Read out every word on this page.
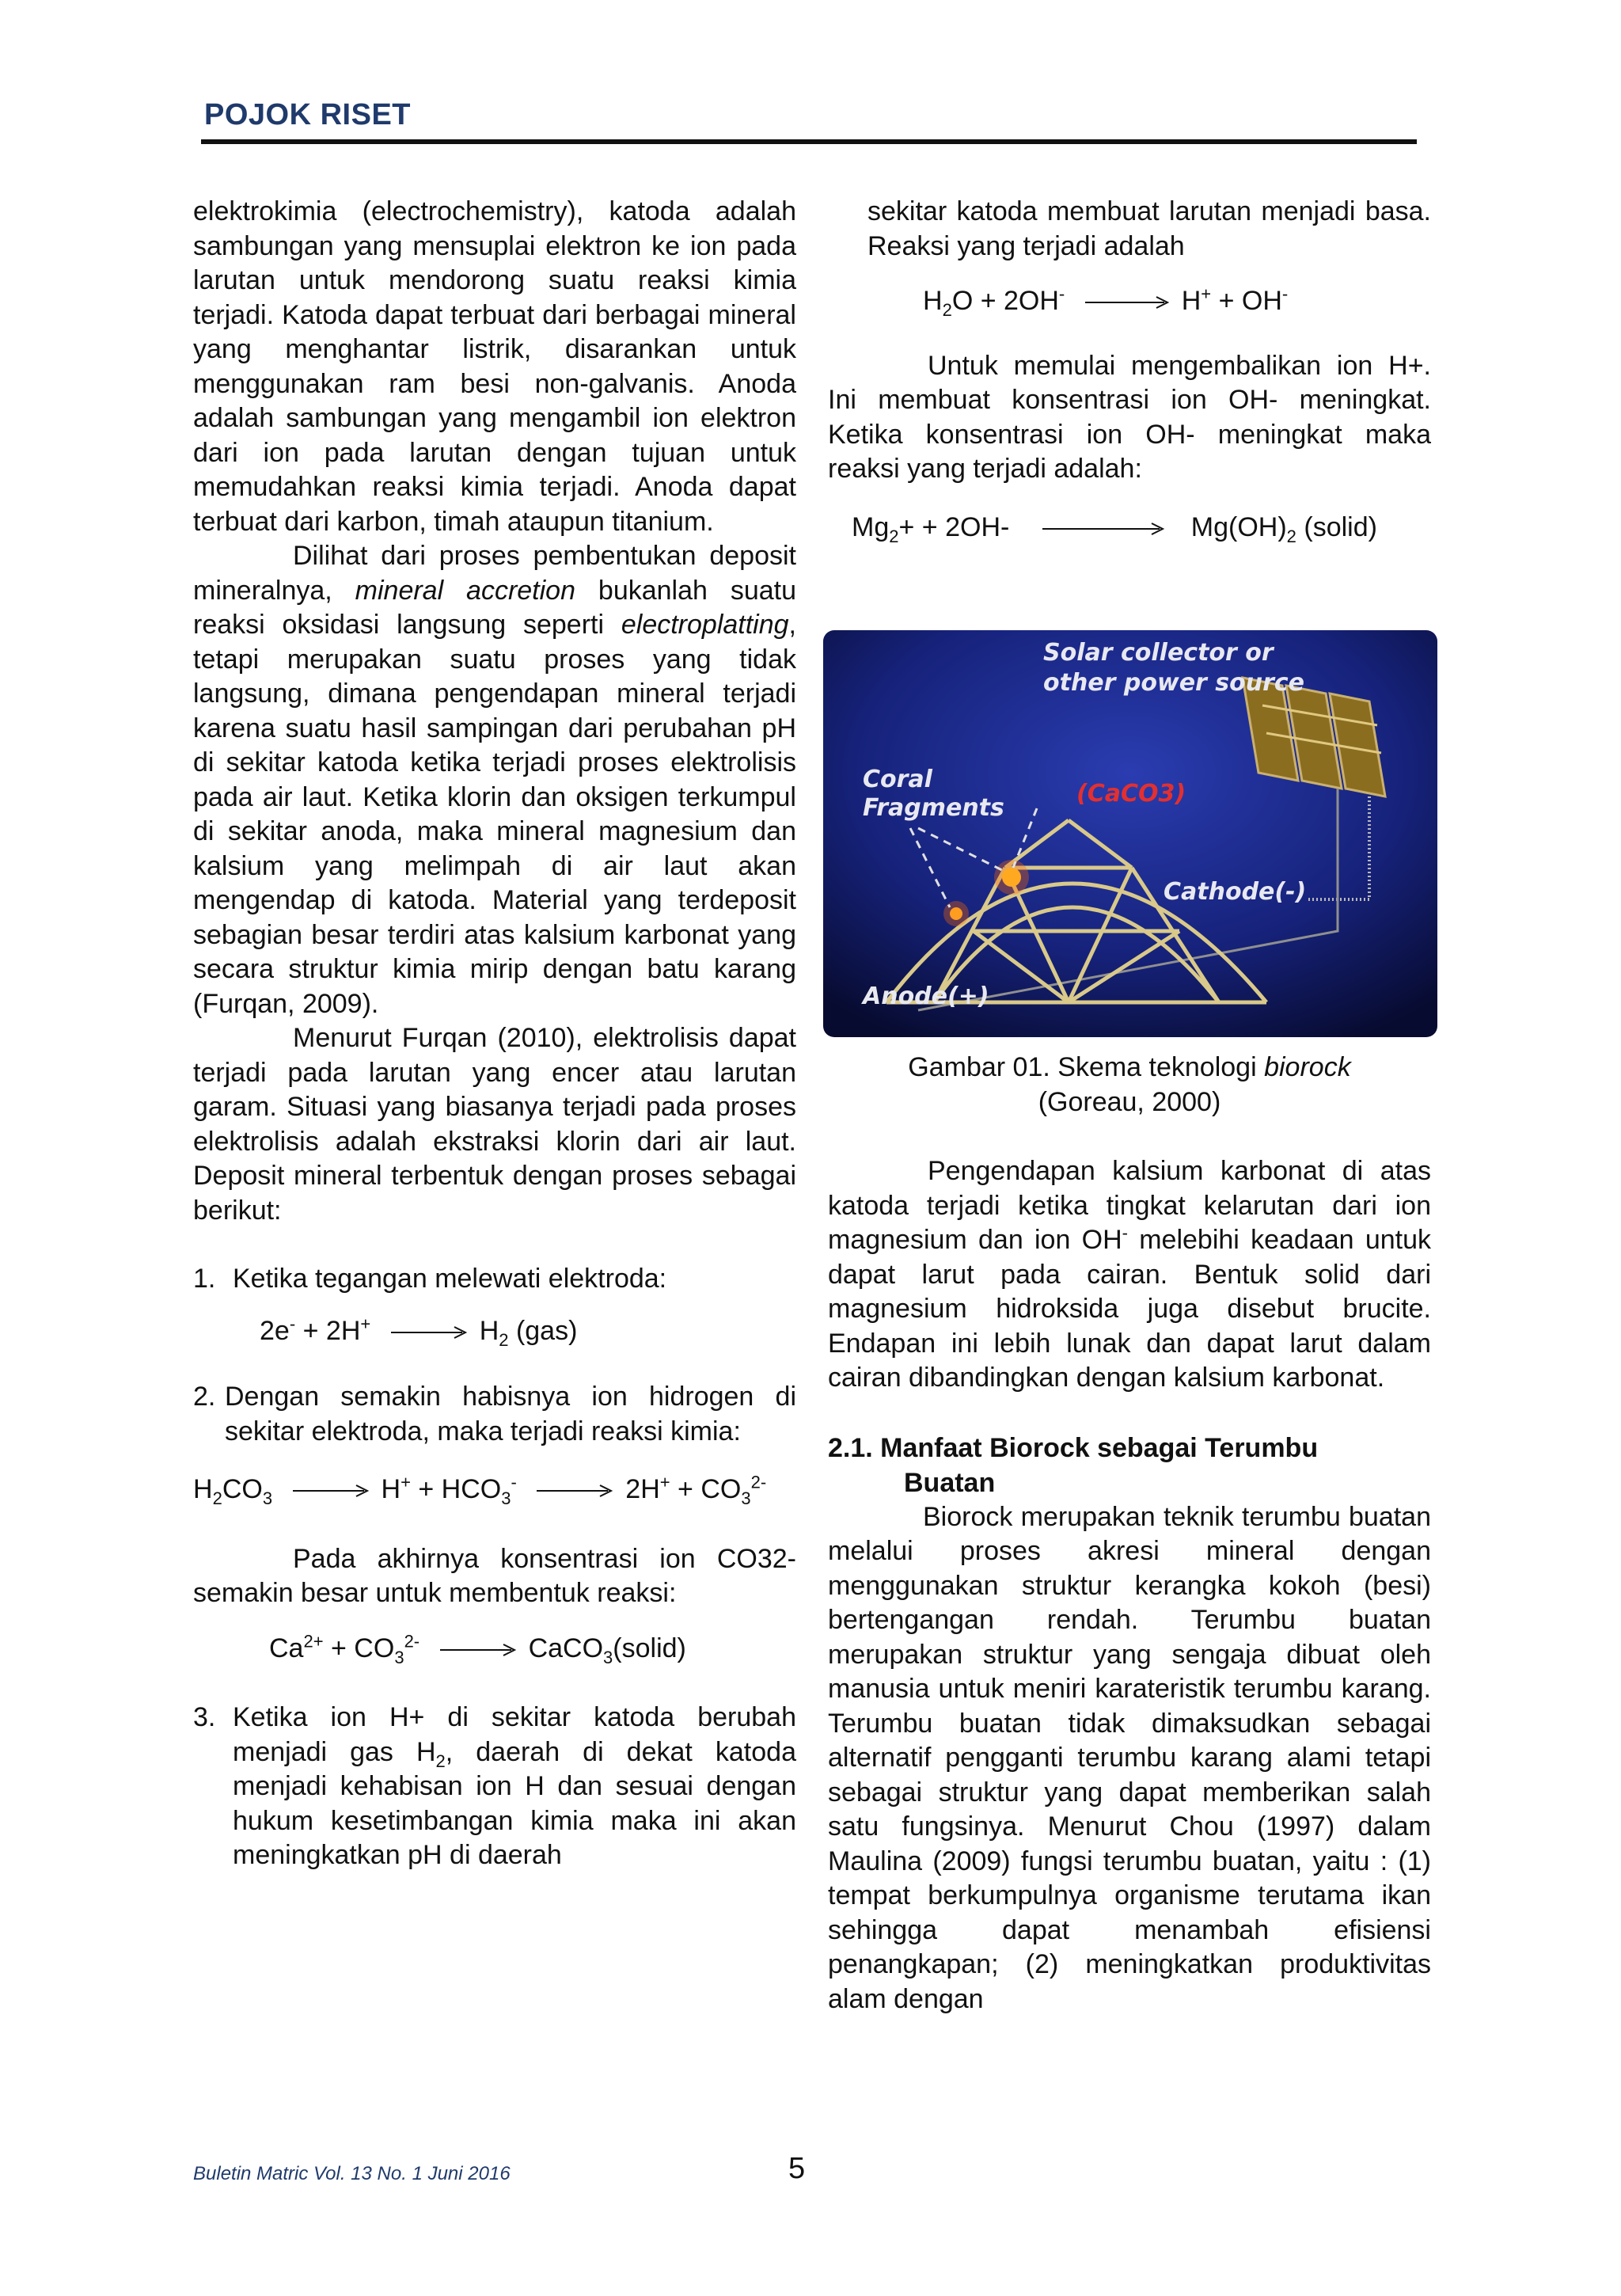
POJOK RISET

elektrokimia (electrochemistry), katoda adalah sambungan yang mensuplai elektron ke ion pada larutan untuk mendorong suatu reaksi kimia terjadi. Katoda dapat terbuat dari berbagai mineral yang menghantar listrik, disarankan untuk menggunakan ram besi non-galvanis. Anoda adalah sambungan yang mengambil ion elektron dari ion pada larutan dengan tujuan untuk memudahkan reaksi kimia terjadi. Anoda dapat terbuat dari karbon, timah ataupun titanium.

Dilihat dari proses pembentukan deposit mineralnya, mineral accretion bukanlah suatu reaksi oksidasi langsung seperti electroplatting, tetapi merupakan suatu proses yang tidak langsung, dimana pengendapan mineral terjadi karena suatu hasil sampingan dari perubahan pH di sekitar katoda ketika terjadi proses elektrolisis pada air laut. Ketika klorin dan oksigen terkumpul di sekitar anoda, maka mineral magnesium dan kalsium yang melimpah di air laut akan mengendap di katoda. Material yang terdeposit sebagian besar terdiri atas kalsium karbonat yang secara struktur kimia mirip dengan batu karang (Furqan, 2009).

Menurut Furqan (2010), elektrolisis dapat terjadi pada larutan yang encer atau larutan garam. Situasi yang biasanya terjadi pada proses elektrolisis adalah ekstraksi klorin dari air laut. Deposit mineral terbentuk dengan proses sebagai berikut:

1. Ketika tegangan melewati elektroda:
$2e^- + 2H^+ \to H_2$ (gas)
2. Dengan semakin habisnya ion hidrogen di sekitar elektroda, maka terjadi reaksi kimia:

$H_2CO_3 \to H^+ + HCO_3^- \to 2H^+ + CO_3^{2-}$

Pada akhirnya konsentrasi ion CO32- semakin besar untuk membentuk reaksi:

$Ca^{2+} + CO_3^{2-}$ → CaCO$_3$(solid)
3. Ketika ion H+ di sekitar katoda berubah menjadi gas $H_2$, daerah di dekat katoda menjadi kehabisan ion H dan sesuai dengan hukum kesetimbangan kimia maka ini akan meningkatkan pH di daerah

sekitar katoda membuat larutan menjadi basa. Reaksi yang terjadi adalah

$H_2O + 2OH^- \to H^+ + OH^-$

Untuk memulai mengembalikan ion H+. Ini membuat konsentrasi ion OH- meningkat. Ketika konsentrasi ion OH- meningkat maka reaksi yang terjadi adalah:

$Mg_2+ + 2OH-$	$Mg(OH)_2$ (solid)
Solar collector or
other power source
Coral
Fragments
(CaCO3)
Cathode(-)
Anode(+)
Gambar 01. Skema teknologi biorock
(Goreau, 2000)

Pengendapan kalsium karbonat di atas katoda terjadi ketika tingkat kelarutan dari ion magnesium dan ion OH- melebihi keadaan untuk dapat larut pada cairan. Bentuk solid dari magnesium hidroksida juga disebut brucite. Endapan ini lebih lunak dan dapat larut dalam cairan dibandingkan dengan kalsium karbonat.

2.1. Manfaat Biorock sebagai Terumbu
Buatan

Biorock merupakan teknik terumbu buatan melalui proses akresi mineral dengan menggunakan struktur kerangka kokoh (besi) bertengangan rendah. Terumbu buatan merupakan struktur yang sengaja dibuat oleh manusia untuk meniri karateristik terumbu karang. Terumbu buatan tidak dimaksudkan sebagai alternatif pengganti terumbu karang alami tetapi sebagai struktur yang dapat memberikan salah satu fungsinya. Menurut Chou (1997) dalam Maulina (2009) fungsi terumbu buatan, yaitu : (1) tempat berkumpulnya organisme terutama ikan sehingga dapat menambah efisiensi penangkapan; (2) meningkatkan produktivitas alam dengan

Buletin Matric Vol. 13 No. 1 Juni 2016	5
